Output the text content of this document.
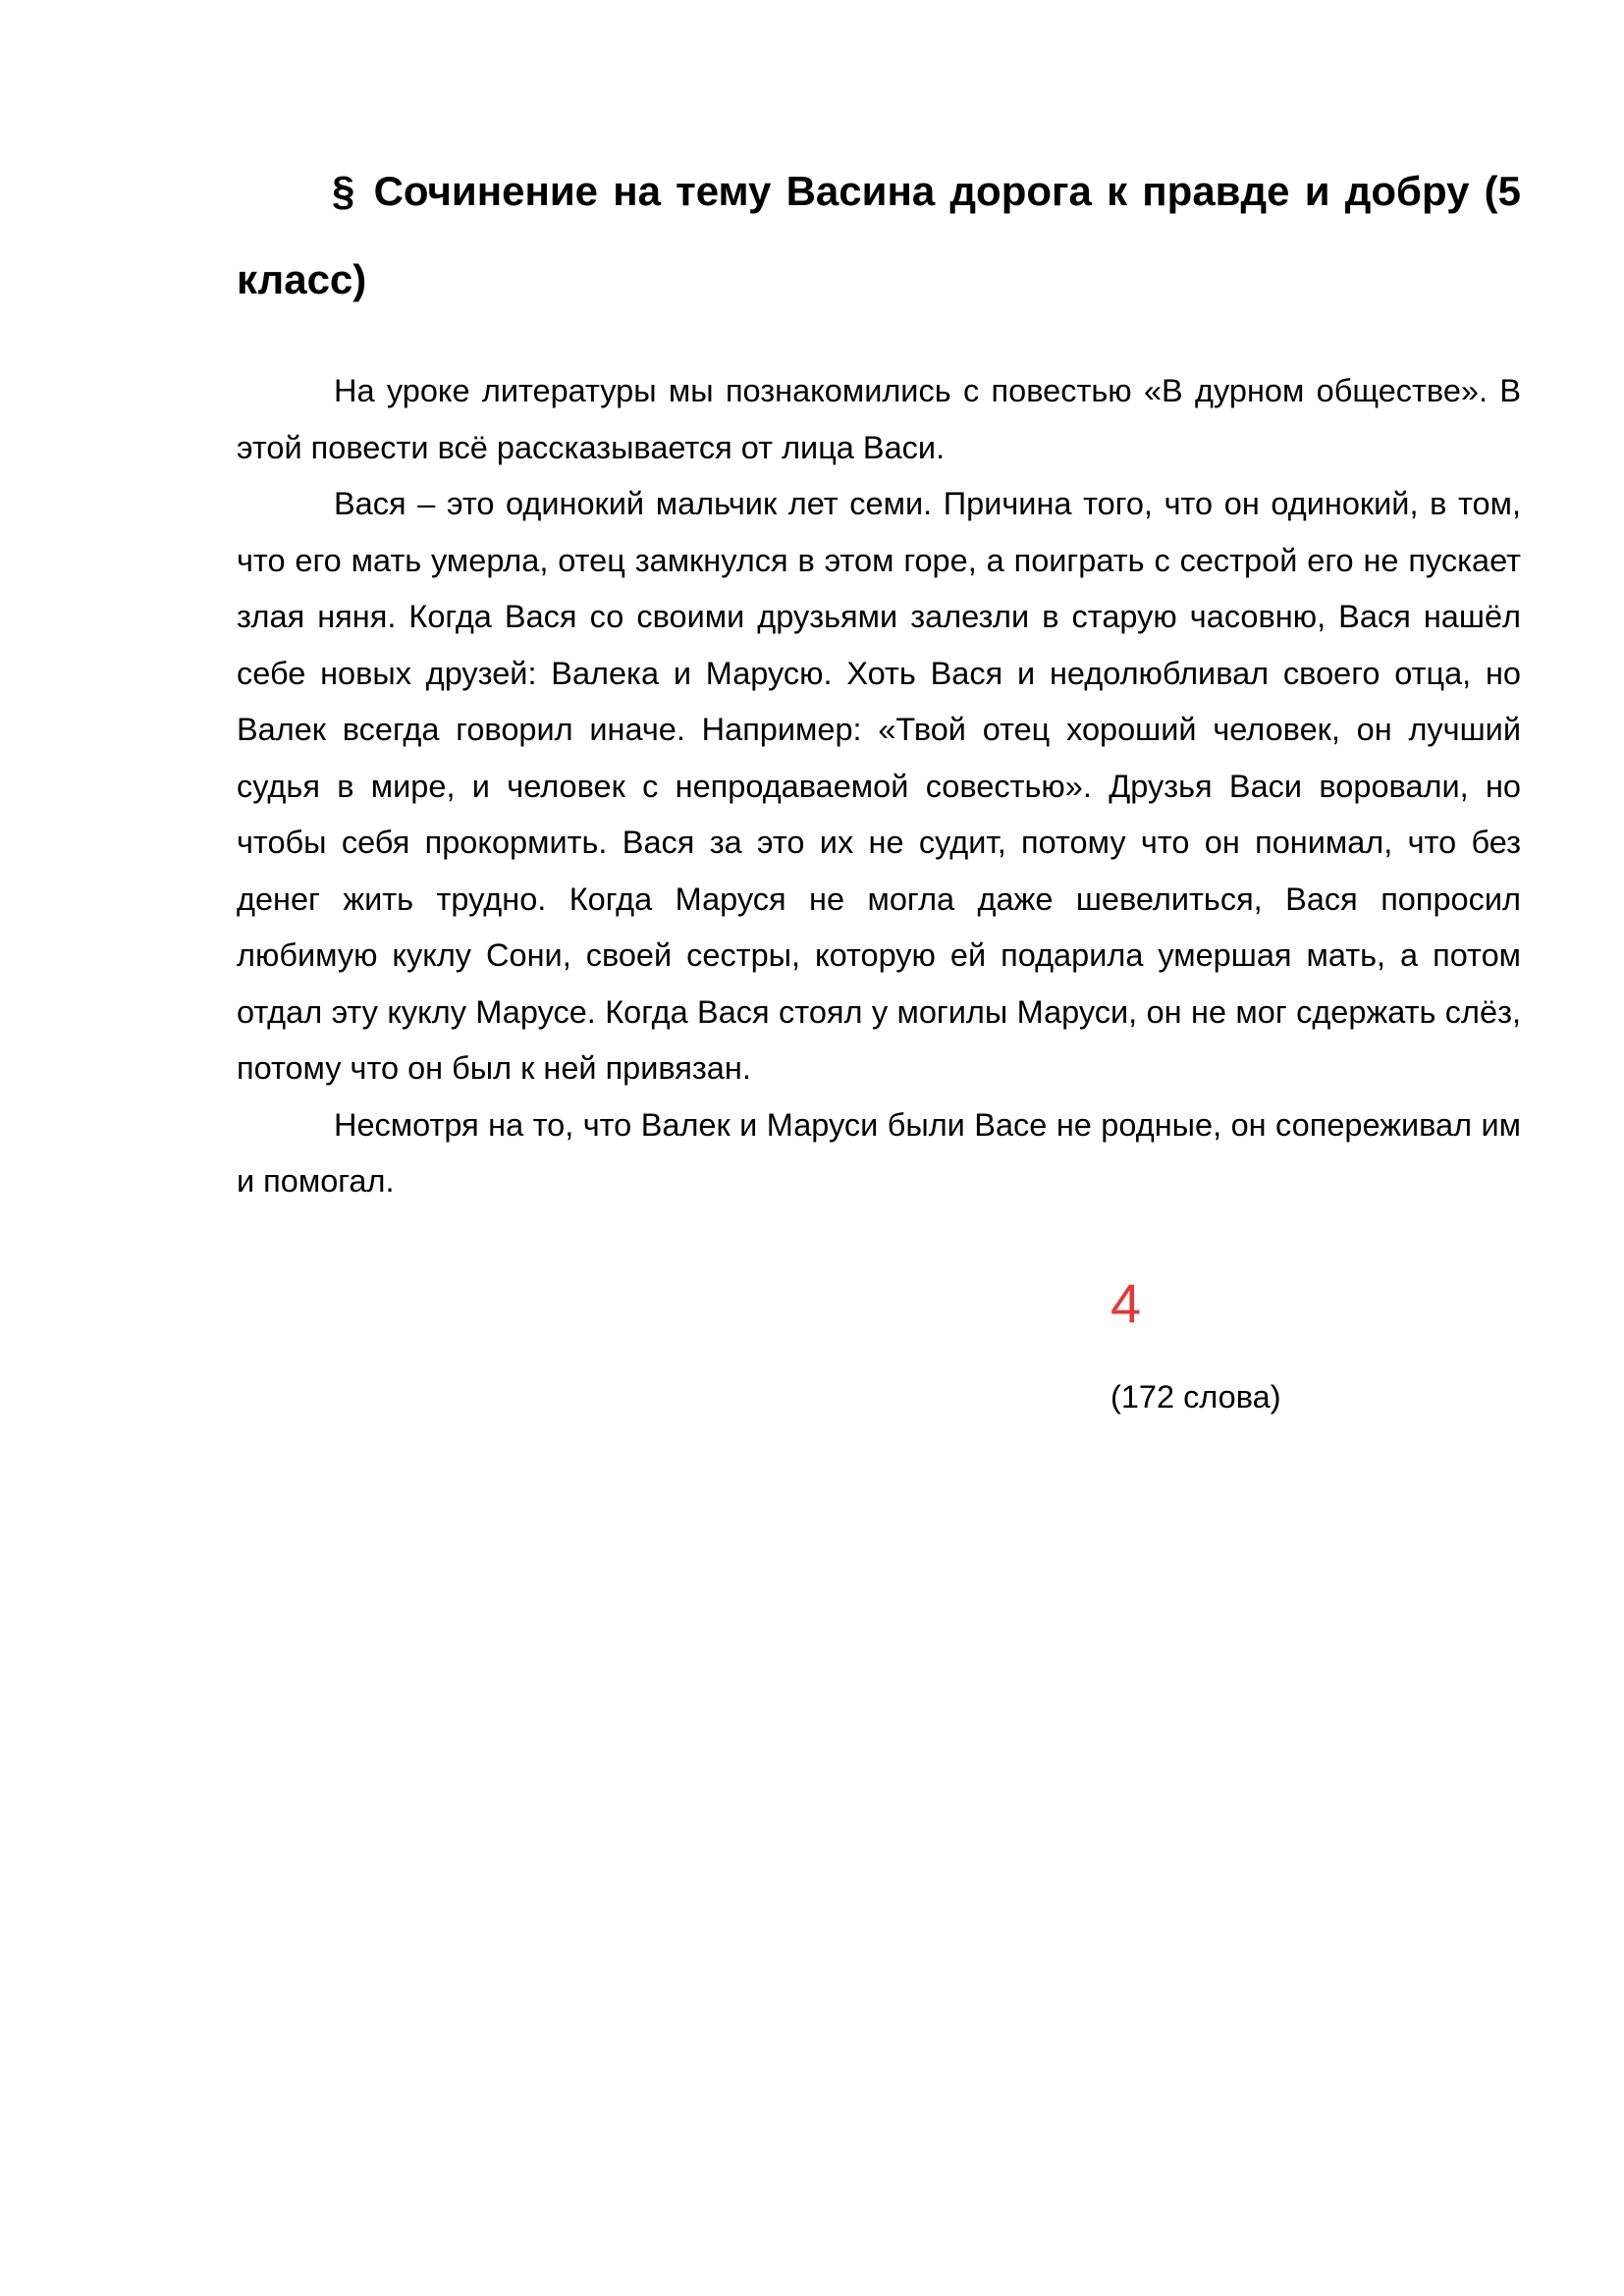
§ Сочинение на тему Васина дорога к правде и добру (5 класс)

На уроке литературы мы познакомились с повестью «В дурном обществе». В этой повести всё рассказывается от лица Васи.

Вася – это одинокий мальчик лет семи. Причина того, что он одинокий, в том, что его мать умерла, отец замкнулся в этом горе, а поиграть с сестрой его не пускает злая няня. Когда Вася со своими друзьями залезли в старую часовню, Вася нашёл себе новых друзей: Валека и Марусю. Хоть Вася и недолюбливал своего отца, но Валек всегда говорил иначе. Например: «Твой отец хороший человек, он лучший судья в мире, и человек с непродаваемой совестью». Друзья Васи воровали, но чтобы себя прокормить. Вася за это их не судит, потому что он понимал, что без денег жить трудно. Когда Маруся не могла даже шевелиться, Вася попросил любимую куклу Сони, своей сестры, которую ей подарила умершая мать, а потом отдал эту куклу Марусе. Когда Вася стоял у могилы Маруси, он не мог сдержать слёз, потому что он был к ней привязан.

Несмотря на то, что Валек и Маруси были Васе не родные, он сопереживал им и помогал.

4
(172 слова)
